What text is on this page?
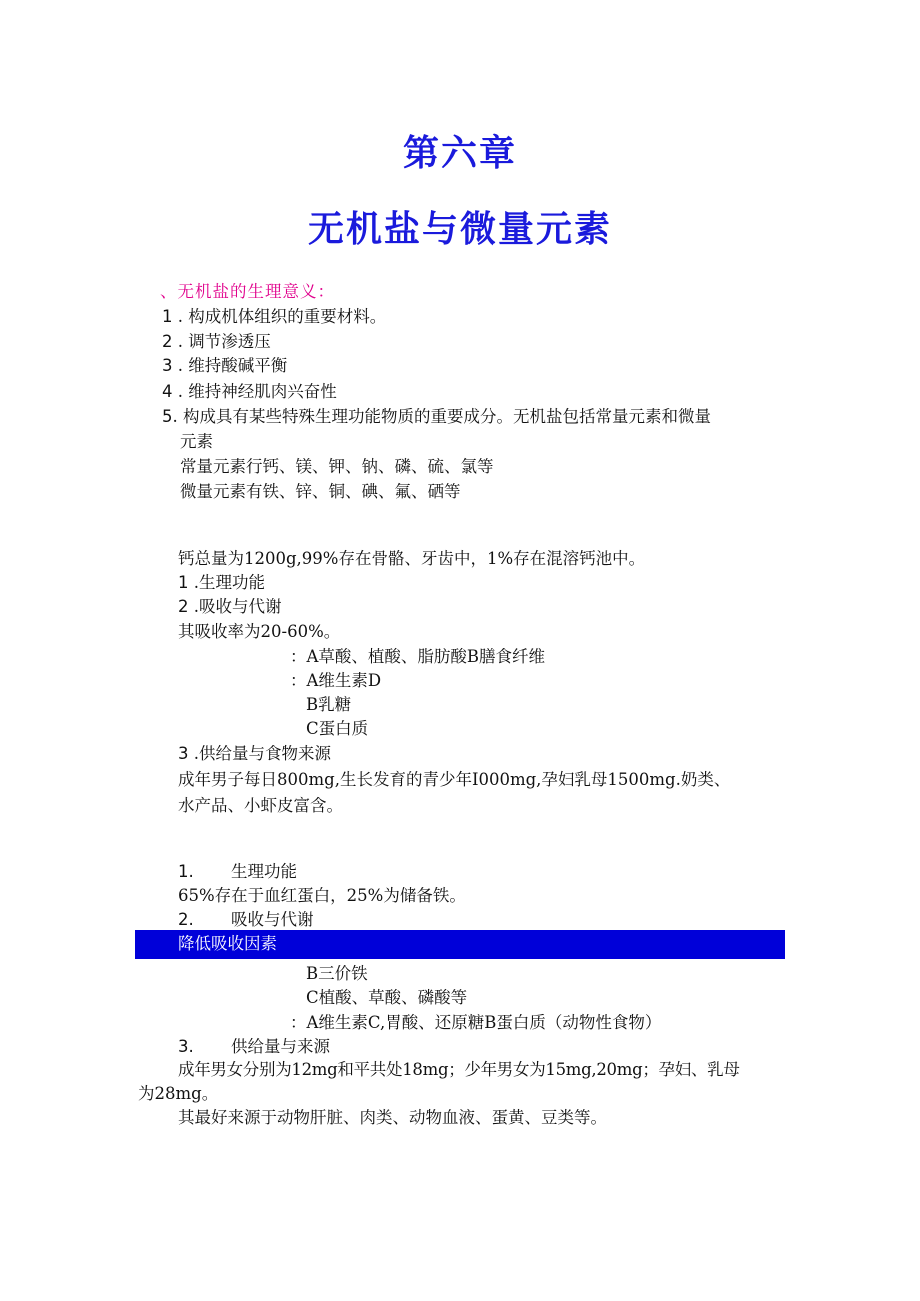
第六章
无机盐与微量元素
、无机盐的生理意义：
1 . 构成机体组织的重要材料。
2 . 调节渗透压
3 . 维持酸碱平衡
4 . 维持神经肌肉兴奋性
5. 构成具有某些特殊生理功能物质的重要成分。无机盐包括常量元素和微量
元素
常量元素行钙、镁、钾、钠、磷、硫、氯等
微量元素有铁、锌、铜、碘、氟、硒等
钙总量为1200g,99%存在骨骼、牙齿中，1%存在混溶钙池中。
1 .生理功能
2 .吸收与代谢
其吸收率为20-60%。
：A草酸、植酸、脂肪酸B膳食纤维
：A维生素D
B乳糖
C蛋白质
3 .供给量与食物来源
成年男子每日800mg,生长发育的青少年I000mg,孕妇乳母1500mg.奶类、
水产品、小虾皮富含。
1. 生理功能
65%存在于血红蛋白，25%为储备铁。
2. 吸收与代谢
降低吸收因素
B三价铁
C植酸、草酸、磷酸等
：A维生素C,胃酸、还原糖B蛋白质（动物性食物）
3. 供给量与来源
成年男女分别为12mg和平共处18mg；少年男女为15mg,20mg；孕妇、乳母
为28mg。
其最好来源于动物肝脏、肉类、动物血液、蛋黄、豆类等。
